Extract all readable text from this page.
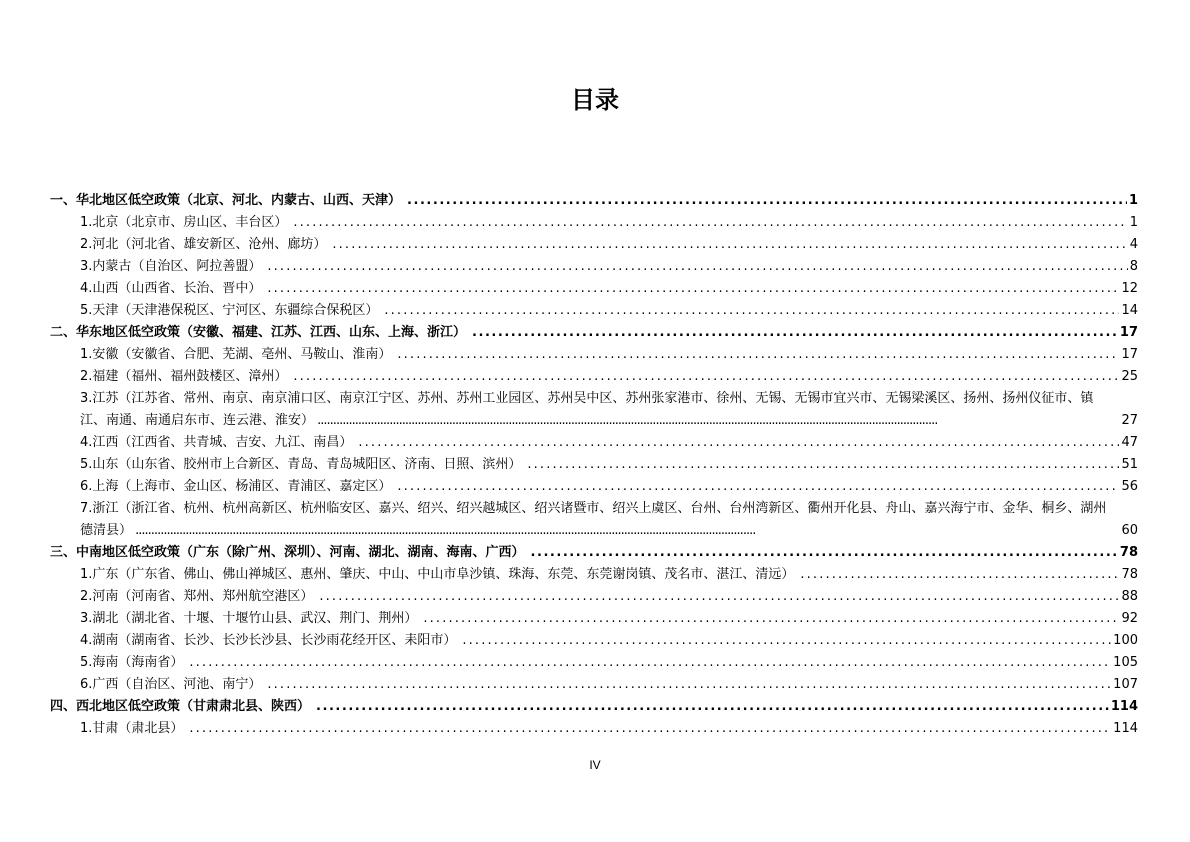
目录
一、华北地区低空政策（北京、河北、内蒙古、山西、天津） . . .	1
1.北京（北京市、房山区、丰台区） . . .	1
2.河北（河北省、雄安新区、沧州、廊坊） . . .	4
3.内蒙古（自治区、阿拉善盟） . . .	8
4.山西（山西省、长治、晋中） . . .	12
5.天津（天津港保税区、宁河区、东疆综合保税区） . . .	14
二、华东地区低空政策（安徽、福建、江苏、江西、山东、上海、浙江） . . .	17
1.安徽（安徽省、合肥、芜湖、亳州、马鞍山、淮南） . . .	17
2.福建（福州、福州鼓楼区、漳州） . . .	25
3.江苏（江苏省、常州、南京、南京浦口区、南京江宁区、苏州、苏州工业园区、苏州吴中区、苏州张家港市、徐州、无锡、无锡市宜兴市、无锡梁溪区、扬州、扬州仪征市、镇江、南通、南通启东市、连云港、淮安） ......................................................................................................................................................................................................	27
4.江西（江西省、共青城、吉安、九江、南昌） . . .	47
5.山东（山东省、胶州市上合新区、青岛、青岛城阳区、济南、日照、滨州） . . .	51
6.上海（上海市、金山区、杨浦区、青浦区、嘉定区） . . .	56
7.浙江（浙江省、杭州、杭州高新区、杭州临安区、嘉兴、绍兴、绍兴越城区、绍兴诸暨市、绍兴上虞区、台州、台州湾新区、衢州开化县、舟山、嘉兴海宁市、金华、桐乡、湖州德清县） ......................................................................................................................................................................................................	60
三、中南地区低空政策（广东（除广州、深圳）、河南、湖北、湖南、海南、广西） . . .	78
1.广东（广东省、佛山、佛山禅城区、惠州、肇庆、中山、中山市阜沙镇、珠海、东莞、东莞谢岗镇、茂名市、湛江、清远） . . .	78
2.河南（河南省、郑州、郑州航空港区） . . .	88
3.湖北（湖北省、十堰、十堰竹山县、武汉、荆门、荆州） . . .	92
4.湖南（湖南省、长沙、长沙长沙县、长沙雨花经开区、耒阳市） . . .	100
5.海南（海南省） . . .	105
6.广西（自治区、河池、南宁） . . .	107
四、西北地区低空政策（甘肃肃北县、陕西） . . .	114
1.甘肃（肃北县） . . .	114
IV
